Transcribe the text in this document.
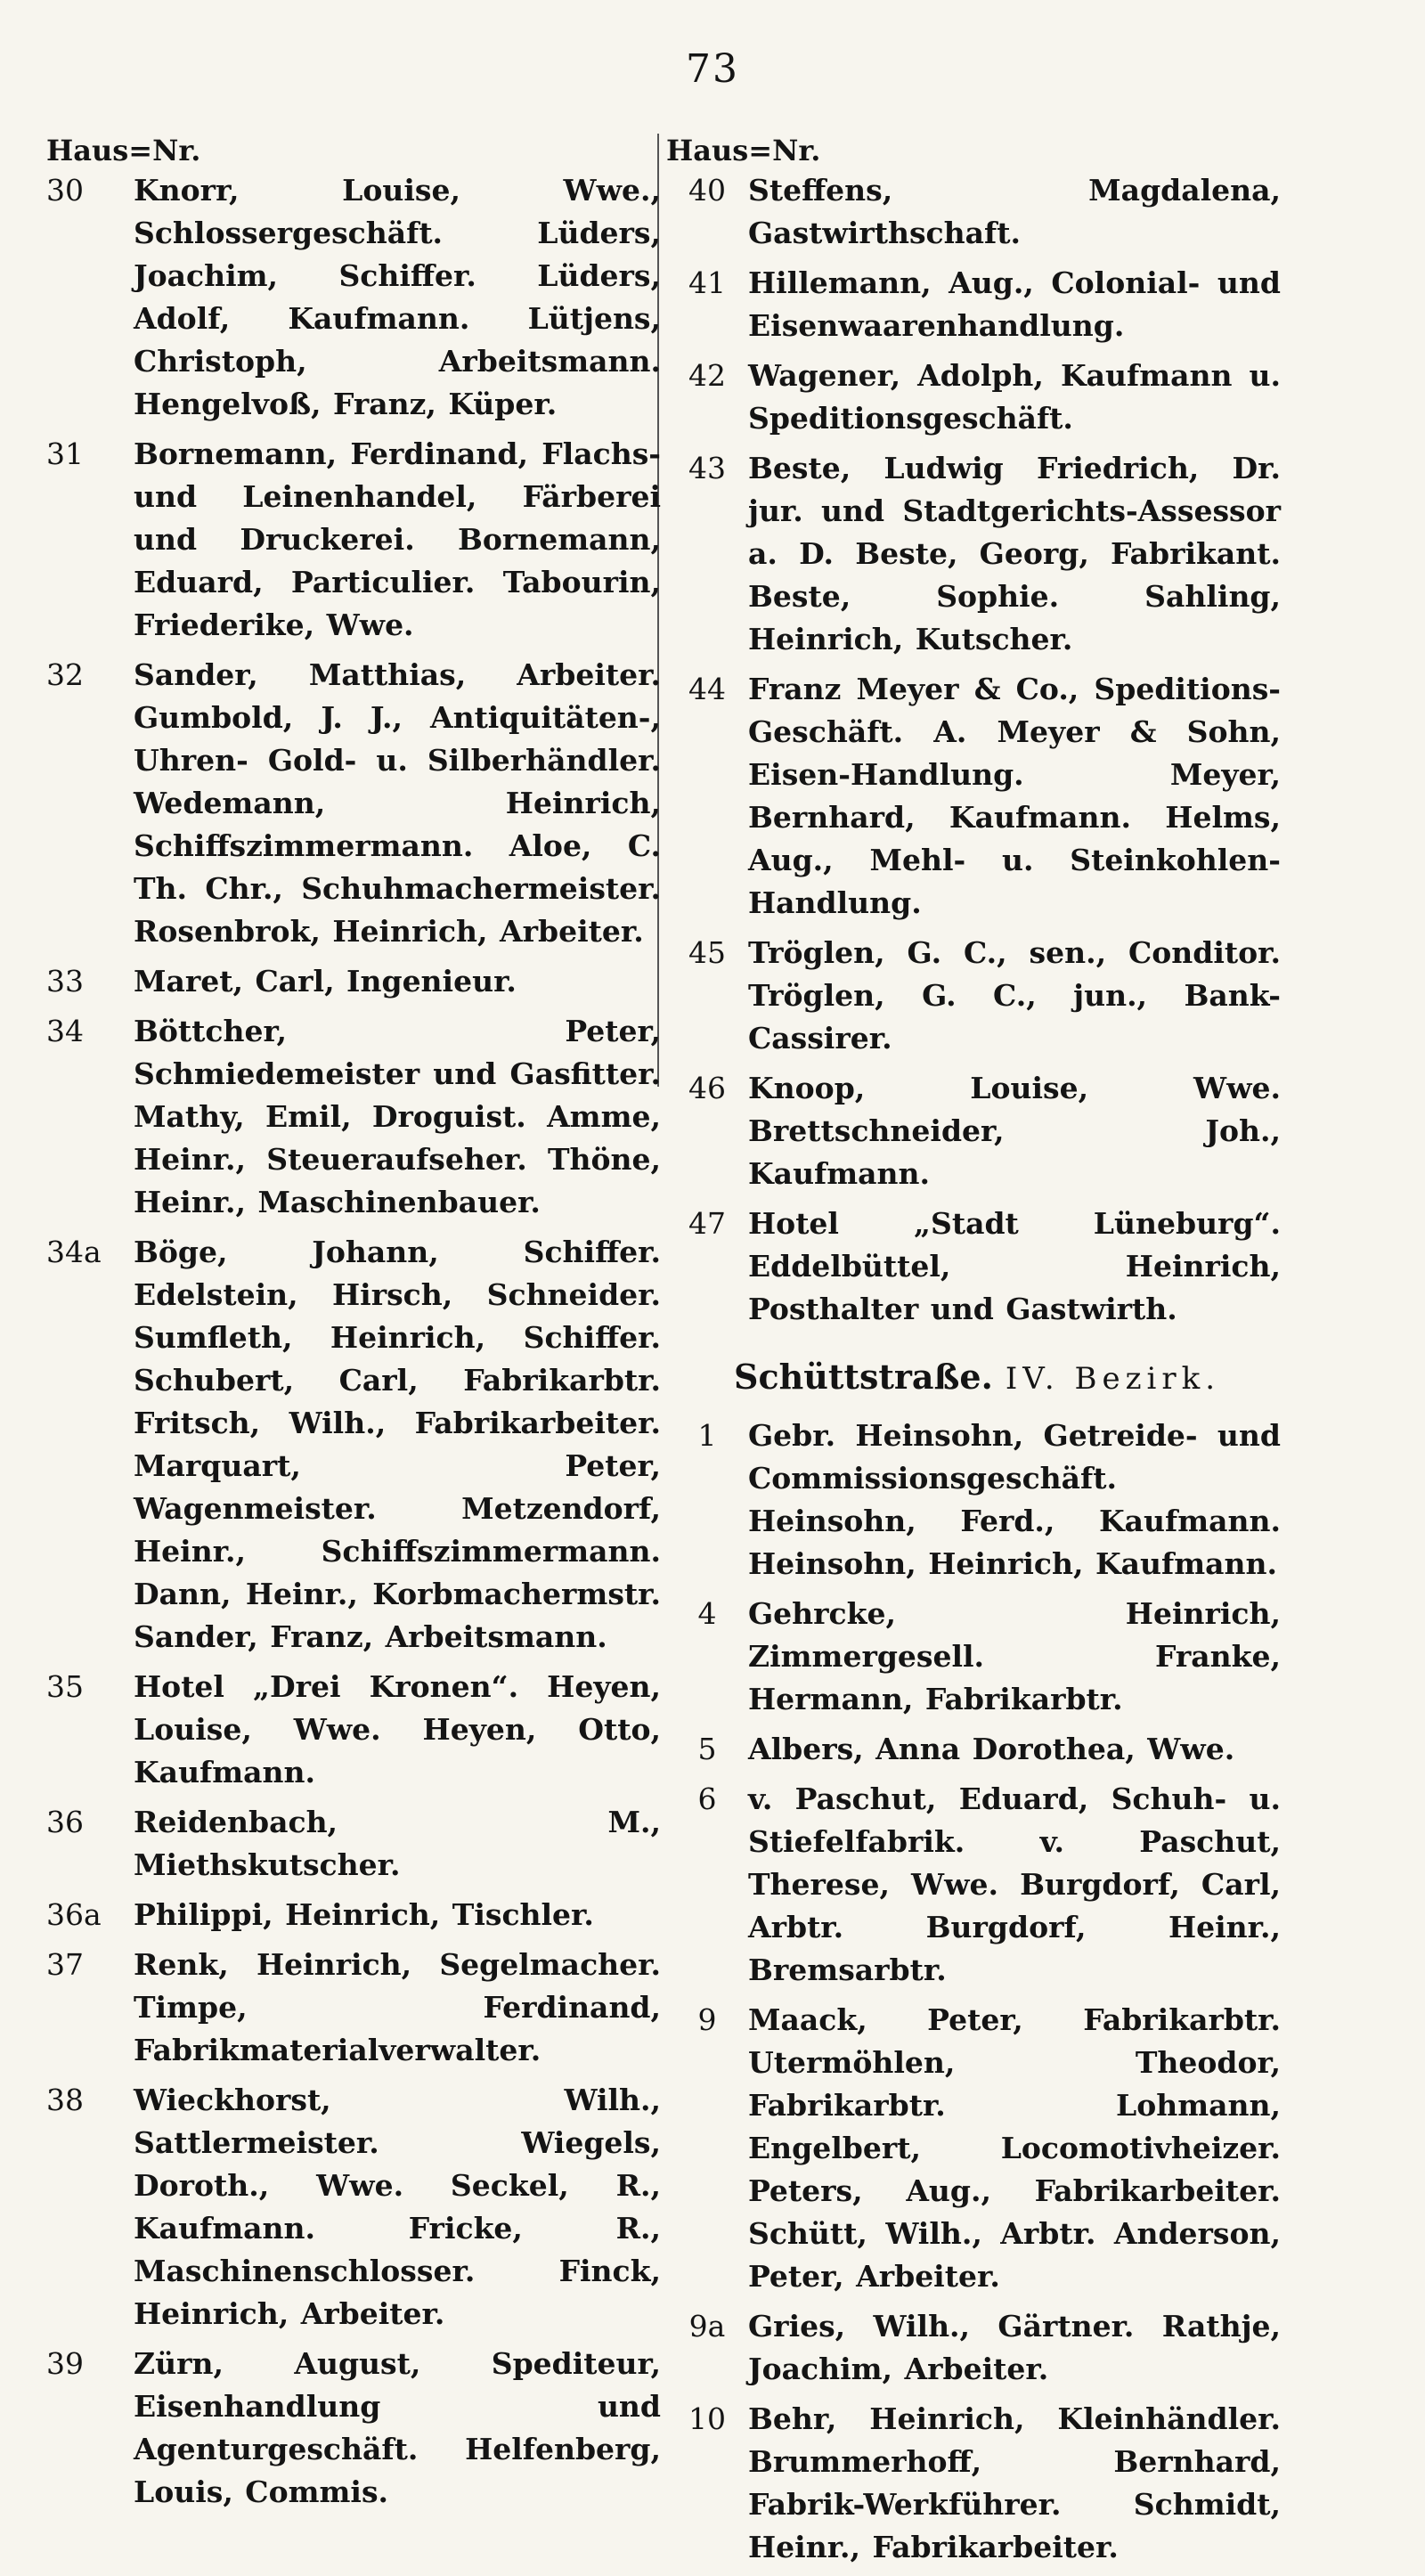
73
Haus=Nr.
30	Knorr, Louise, Wwe., Schlossergeschäft. Lüders, Joachim, Schiffer. Lüders, Adolf, Kaufmann. Lütjens, Christoph, Arbeitsmann. Hengelvoß, Franz, Küper.
31	Bornemann, Ferdinand, Flachs- und Leinenhandel, Färberei und Druckerei. Bornemann, Eduard, Particulier. Tabourin, Friederike, Wwe.
32	Sander, Matthias, Arbeiter. Gumbold, J. J., Antiquitäten-, Uhren- Gold- u. Silberhändler. Wedemann, Heinrich, Schiffszimmermann. Aloe, C. Th. Chr., Schuhmachermeister. Rosenbrok, Heinrich, Arbeiter.
33	Maret, Carl, Ingenieur.
34	Böttcher, Peter, Schmiedemeister und Gasfitter. Mathy, Emil, Droguist. Amme, Heinr., Steueraufseher. Thöne, Heinr., Maschinenbauer.
34a	Böge, Johann, Schiffer. Edelstein, Hirsch, Schneider. Sumfleth, Heinrich, Schiffer. Schubert, Carl, Fabrikarbtr. Fritsch, Wilh., Fabrikarbeiter. Marquart, Peter, Wagenmeister. Metzendorf, Heinr., Schiffszimmermann. Dann, Heinr., Korbmachermstr. Sander, Franz, Arbeitsmann.
35	Hotel „Drei Kronen“. Heyen, Louise, Wwe. Heyen, Otto, Kaufmann.
36	Reidenbach, M., Miethskutscher.
36a	Philippi, Heinrich, Tischler.
37	Renk, Heinrich, Segelmacher. Timpe, Ferdinand, Fabrikmaterialverwalter.
38	Wieckhorst, Wilh., Sattlermeister. Wiegels, Doroth., Wwe. Seckel, R., Kaufmann. Fricke, R., Maschinenschlosser. Finck, Heinrich, Arbeiter.
39	Zürn, August, Spediteur, Eisenhandlung und Agenturgeschäft. Helfenberg, Louis, Commis.
Haus=Nr.
40 Steffens, Magdalena, Gastwirthschaft.
41 Hillemann, Aug., Colonial- und Eisenwaarenhandlung.
42 Wagener, Adolph, Kaufmann u. Speditionsgeschäft.
43 Beste, Ludwig Friedrich, Dr. jur. und Stadtgerichts-Assessor a. D. Beste, Georg, Fabrikant. Beste, Sophie. Sahling, Heinrich, Kutscher.
44 Franz Meyer & Co., Speditions-Geschäft. A. Meyer & Sohn, Eisen-Handlung. Meyer, Bernhard, Kaufmann. Helms, Aug., Mehl- u. Steinkohlen-Handlung.
45 Tröglen, G. C., sen., Conditor. Tröglen, G. C., jun., Bank-Cassirer.
46 Knoop, Louise, Wwe. Brettschneider, Joh., Kaufmann.
47 Hotel „Stadt Lüneburg“. Eddelbüttel, Heinrich, Posthalter und Gastwirth.
Schüttstraße. IV. Bezirk.
1	Gebr. Heinsohn, Getreide- und Commissionsgeschäft. Heinsohn, Ferd., Kaufmann. Heinsohn, Heinrich, Kaufmann.
4	Gehrcke, Heinrich, Zimmergesell. Franke, Hermann, Fabrikarbtr.
5	Albers, Anna Dorothea, Wwe.
6	v. Paschut, Eduard, Schuh- u. Stiefelfabrik. v. Paschut, Therese, Wwe. Burgdorf, Carl, Arbtr. Burgdorf, Heinr., Bremsarbtr.
9	Maack, Peter, Fabrikarbtr. Utermöhlen, Theodor, Fabrikarbtr. Lohmann, Engelbert, Locomotivheizer. Peters, Aug., Fabrikarbeiter. Schütt, Wilh., Arbtr. Anderson, Peter, Arbeiter.
9a Gries, Wilh., Gärtner. Rathje, Joachim, Arbeiter.
10 Behr, Heinrich, Kleinhändler. Brummerhoff, Bernhard, Fabrik-Werkführer. Schmidt, Heinr., Fabrikarbeiter.
